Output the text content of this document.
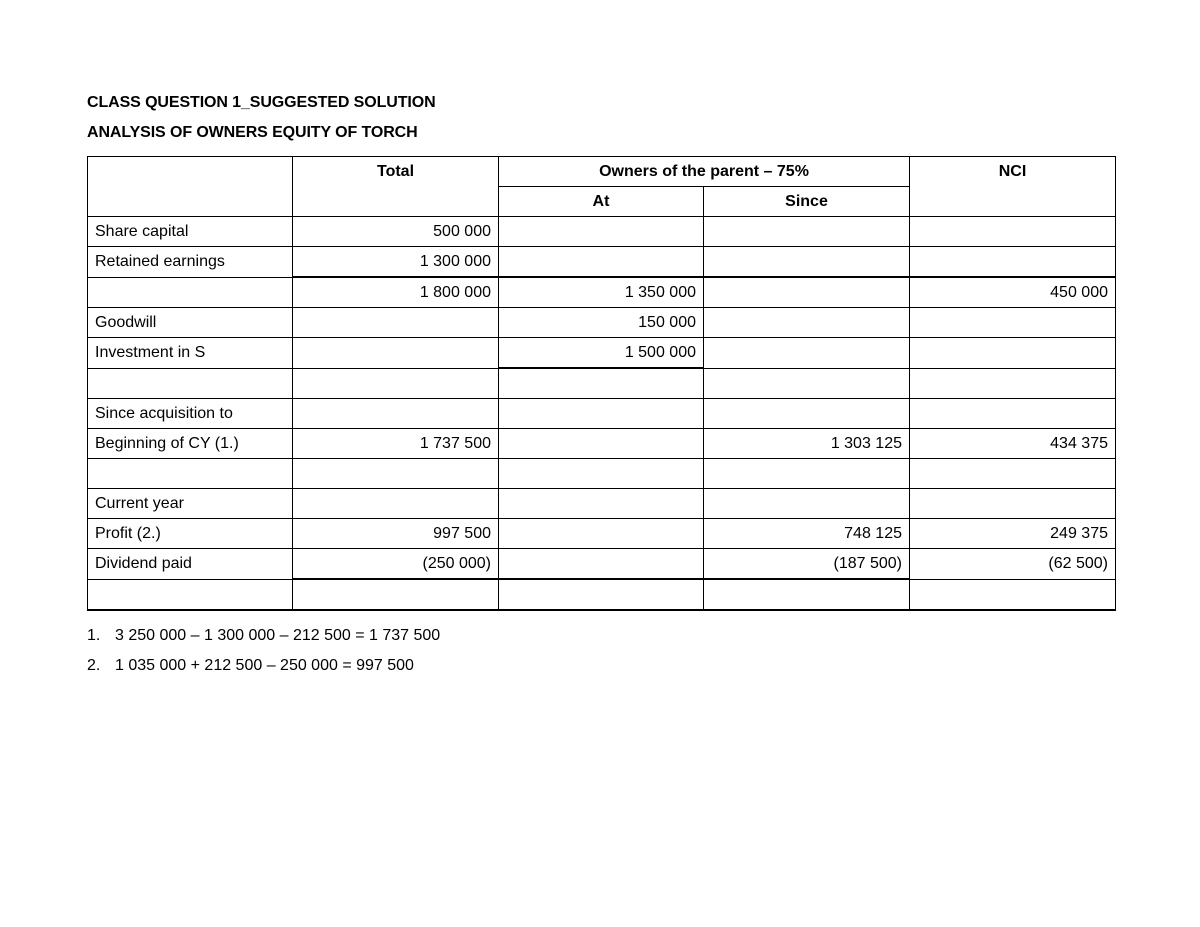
CLASS QUESTION 1_SUGGESTED SOLUTION
ANALYSIS OF OWNERS EQUITY OF TORCH
	Total	Owners of the parent – 75%		NCI
		At	Since	
Share capital	500 000			
Retained earnings	1 300 000			
	1 800 000	1 350 000		450 000
Goodwill		150 000		
Investment in S		1 500 000		

Since acquisition to				
Beginning of CY (1.)	1 737 500		1 303 125	434 375

Current year				
Profit (2.)	997 500		748 125	249 375
Dividend paid	(250 000)		(187 500)	(62 500)

1. 3 250 000 – 1 300 000 – 212 500 = 1 737 500
2. 1 035 000 + 212 500 – 250 000 = 997 500
